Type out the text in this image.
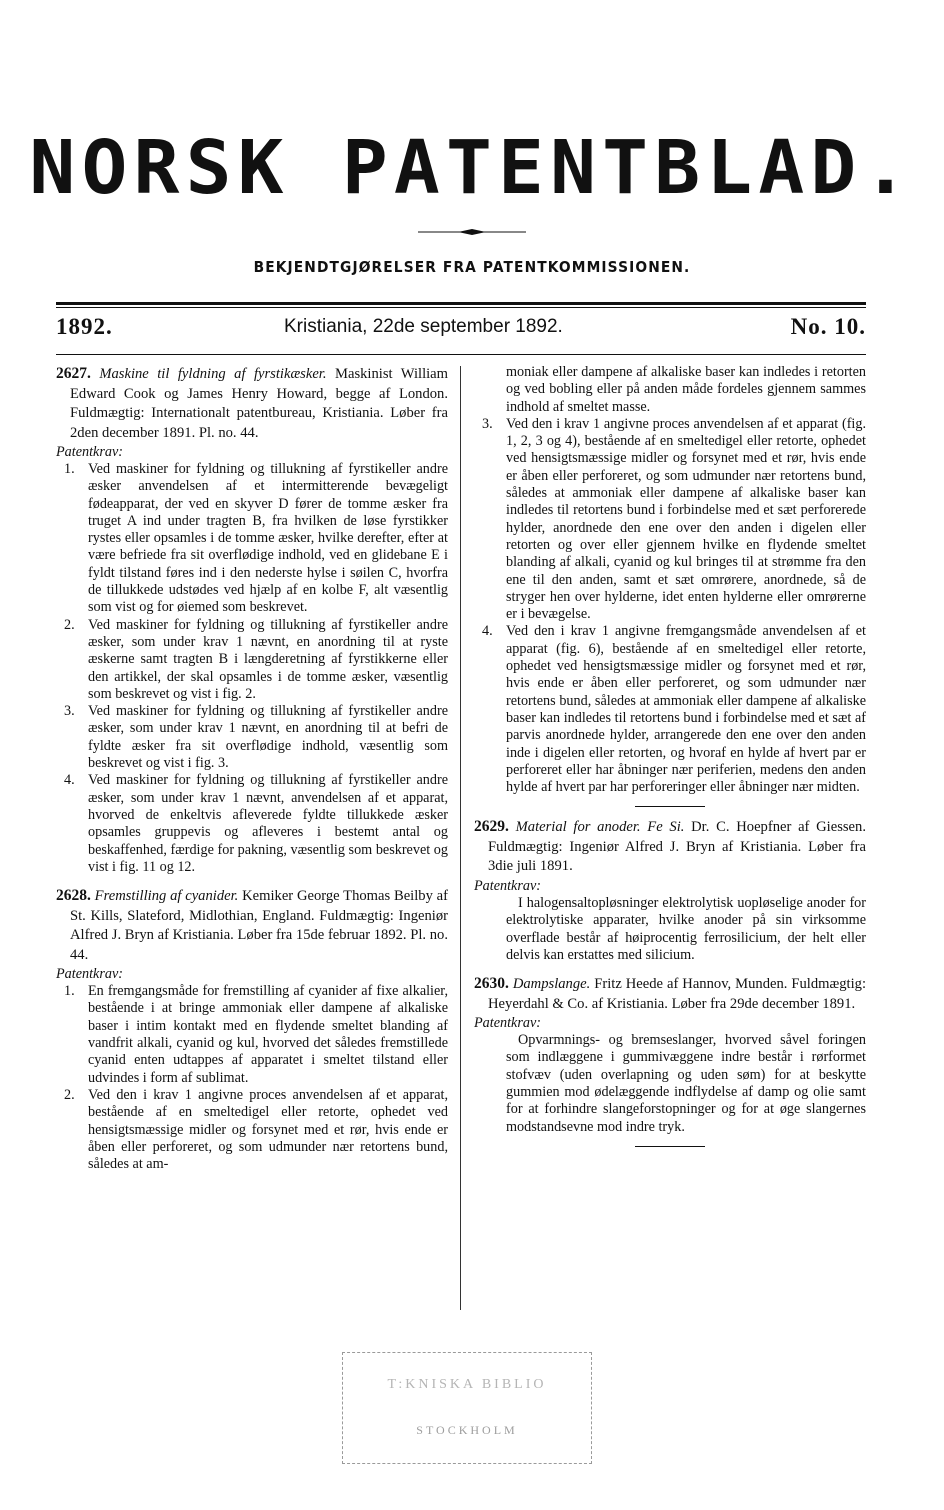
NORSK PATENTBLAD.
BEKJENDTGJØRELSER FRA PATENTKOMMISSIONEN.
1892.	Kristiania, 22de september 1892.	No. 10.

2627. Maskine til fyldning af fyrstikæsker. Maskinist William Edward Cook og James Henry Howard, begge af London. Fuldmægtig: Internationalt patentbureau, Kristiania. Løber fra 2den december 1891. Pl. no. 44.

Patentkrav:

1. Ved maskiner for fyldning og tillukning af fyrstikeller andre æsker anvendelsen af et intermitterende bevægeligt fødeapparat, der ved en skyver D fører de tomme æsker fra truget A ind under tragten B, fra hvilken de løse fyrstikker rystes eller opsamles i de tomme æsker, hvilke derefter, efter at være befriede fra sit overflødige indhold, ved en glidebane E i fyldt tilstand føres ind i den nederste hylse i søilen C, hvorfra de tillukkede udstødes ved hjælp af en kolbe F, alt væsentlig som vist og for øiemed som beskrevet.
2. Ved maskiner for fyldning og tillukning af fyrstikeller andre æsker, som under krav 1 nævnt, en anordning til at ryste æskerne samt tragten B i længderetning af fyrstikkerne eller den artikkel, der skal opsamles i de tomme æsker, væsentlig som beskrevet og vist i fig. 2.
3. Ved maskiner for fyldning og tillukning af fyrstikeller andre æsker, som under krav 1 nævnt, en anordning til at befri de fyldte æsker fra sit overflødige indhold, væsentlig som beskrevet og vist i fig. 3.
4. Ved maskiner for fyldning og tillukning af fyrstikeller andre æsker, som under krav 1 nævnt, anvendelsen af et apparat, hvorved de enkeltvis afleverede fyldte tillukkede æsker opsamles gruppevis og afleveres i bestemt antal og beskaffenhed, færdige for pakning, væsentlig som beskrevet og vist i fig. 11 og 12.

2628. Fremstilling af cyanider. Kemiker George Thomas Beilby af St. Kills, Slateford, Midlothian, England. Fuldmægtig: Ingeniør Alfred J. Bryn af Kristiania. Løber fra 15de februar 1892. Pl. no. 44.

Patentkrav:

1. En fremgangsmåde for fremstilling af cyanider af fixe alkalier, bestående i at bringe ammoniak eller dampene af alkaliske baser i intim kontakt med en flydende smeltet blanding af vandfrit alkali, cyanid og kul, hvorved det således fremstillede cyanid enten udtappes af apparatet i smeltet tilstand eller udvindes i form af sublimat.
2. Ved den i krav 1 angivne proces anvendelsen af et apparat, bestående af en smeltedigel eller retorte, ophedet ved hensigtsmæssige midler og forsynet med et rør, hvis ende er åben eller perforeret, og som udmunder nær retortens bund, således at am-

moniak eller dampene af alkaliske baser kan indledes i retorten og ved bobling eller på anden måde fordeles gjennem sammes indhold af smeltet masse.

3. Ved den i krav 1 angivne proces anvendelsen af et apparat (fig. 1, 2, 3 og 4), bestående af en smeltedigel eller retorte, ophedet ved hensigtsmæssige midler og forsynet med et rør, hvis ende er åben eller perforeret, og som udmunder nær retortens bund, således at ammoniak eller dampene af alkaliske baser kan indledes til retortens bund i forbindelse med et sæt perforerede hylder, anordnede den ene over den anden i digelen eller retorten og over eller gjennem hvilke en flydende smeltet blanding af alkali, cyanid og kul bringes til at strømme fra den ene til den anden, samt et sæt omrørere, anordnede, så de stryger hen over hylderne, idet enten hylderne eller omrørerne er i bevægelse.
4. Ved den i krav 1 angivne fremgangsmåde anvendelsen af et apparat (fig. 6), bestående af en smeltedigel eller retorte, ophedet ved hensigtsmæssige midler og forsynet med et rør, hvis ende er åben eller perforeret, og som udmunder nær retortens bund, således at ammoniak eller dampene af alkaliske baser kan indledes til retortens bund i forbindelse med et sæt af parvis anordnede hylder, arrangerede den ene over den anden inde i digelen eller retorten, og hvoraf en hylde af hvert par er perforeret eller har åbninger nær periferien, medens den anden hylde af hvert par har perforeringer eller åbninger nær midten.

2629. Material for anoder. Fe Si. Dr. C. Hoepfner af Giessen. Fuldmægtig: Ingeniør Alfred J. Bryn af Kristiania. Løber fra 3die juli 1891.

Patentkrav:

I halogensaltopløsninger elektrolytisk uopløselige anoder for elektrolytiske apparater, hvilke anoder på sin virksomme overflade består af høiprocentig ferrosilicium, der helt eller delvis kan erstattes med silicium.

2630. Dampslange. Fritz Heede af Hannov, Munden. Fuldmægtig: Heyerdahl & Co. af Kristiania. Løber fra 29de december 1891.

Patentkrav:

Opvarmnings- og bremseslanger, hvorved såvel foringen som indlæggene i gummivæggene indre består i rørformet stofvæv (uden overlapning og uden søm) for at beskytte gummien mod ødelæggende indflydelse af damp og olie samt for at forhindre slangeforstopninger og for at øge slangernes modstandsevne mod indre tryk.

T:KNISKA BIBLIO
STOCKHOLM
